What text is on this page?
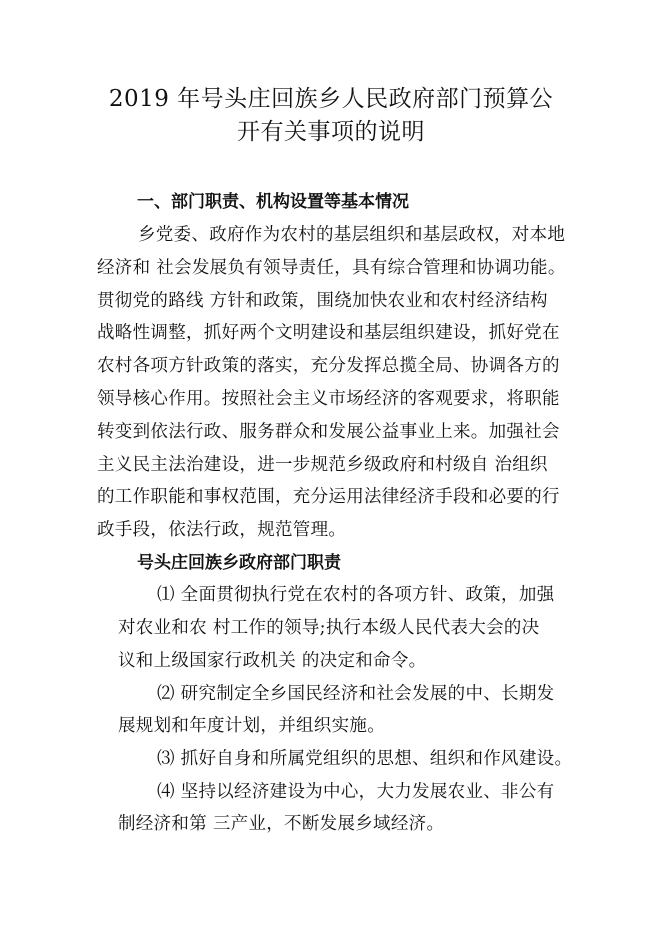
2019 年号头庄回族乡人民政府部门预算公
开有关事项的说明
一、部门职责、机构设置等基本情况
乡党委、政府作为农村的基层组织和基层政权，对本地
经济和 社会发展负有领导责任，具有综合管理和协调功能。
贯彻党的路线 方针和政策，围绕加快农业和农村经济结构
战略性调整，抓好两个文明建设和基层组织建设，抓好党在
农村各项方针政策的落实，充分发挥总揽全局、协调各方的
领导核心作用。按照社会主义市场经济的客观要求，将职能
转变到依法行政、服务群众和发展公益事业上来。加强社会
主义民主法治建设，进一步规范乡级政府和村级自 治组织
的工作职能和事权范围，充分运用法律经济手段和必要的行
政手段，依法行政，规范管理。
号头庄回族乡政府部门职责
⑴ 全面贯彻执行党在农村的各项方针、政策，加强
对农业和农 村工作的领导;执行本级人民代表大会的决
议和上级国家行政机关 的决定和命令。
⑵ 研究制定全乡国民经济和社会发展的中、长期发
展规划和年度计划，并组织实施。
⑶ 抓好自身和所属党组织的思想、组织和作风建设。
⑷ 坚持以经济建设为中心，大力发展农业、非公有
制经济和第 三产业，不断发展乡域经济。
